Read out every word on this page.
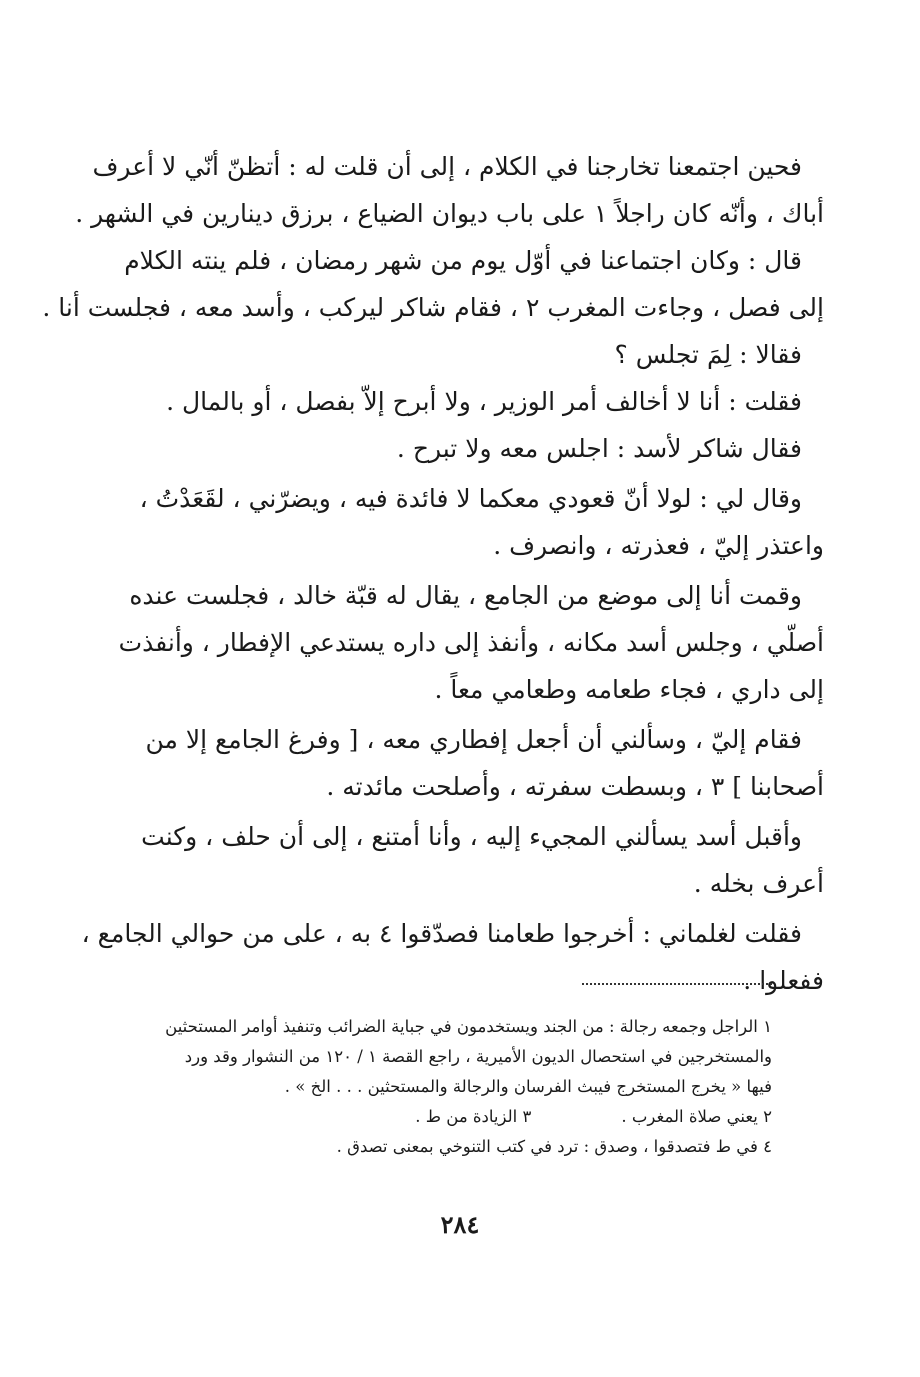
فحين اجتمعنا تخارجنا في الكلام ، إلى أن قلت له : أتظنّ أنّي لا أعرف
أباك ، وأنّه كان راجلاً ١ على باب ديوان الضياع ، برزق دينارين في الشهر .
قال : وكان اجتماعنا في أوّل يوم من شهر رمضان ، فلم ينته الكلام
إلى فصل ، وجاءت المغرب ٢ ، فقام شاكر ليركب ، وأسد معه ، فجلست أنا .
فقالا : لِمَ تجلس ؟
فقلت : أنا لا أخالف أمر الوزير ، ولا أبرح إلاّ بفصل ، أو بالمال .
فقال شاكر لأسد : اجلس معه ولا تبرح .
وقال لي : لولا أنّ قعودي معكما لا فائدة فيه ، ويضرّني ، لقَعَدْتُ ،
واعتذر إليّ ، فعذرته ، وانصرف .
وقمت أنا إلى موضع من الجامع ، يقال له قبّة خالد ، فجلست عنده
أصلّي ، وجلس أسد مكانه ، وأنفذ إلى داره يستدعي الإفطار ، وأنفذت
إلى داري ، فجاء طعامه وطعامي معاً .
فقام إليّ ، وسألني أن أجعل إفطاري معه ، [ وفرغ الجامع إلا من
أصحابنا ] ٣ ، وبسطت سفرته ، وأصلحت مائدته .
وأقبل أسد يسألني المجيء إليه ، وأنا أمتنع ، إلى أن حلف ، وكنت
أعرف بخله .
فقلت لغلماني : أخرجوا طعامنا فصدّقوا ٤ به ، على من حوالي الجامع ،
ففعلوا .
١ الراجل وجمعه رجالة : من الجند ويستخدمون في جباية الضرائب وتنفيذ أوامر المستحثين
والمستخرجين في استحصال الديون الأميرية ، راجع القصة ١ / ١٢٠ من النشوار وقد ورد
فيها « يخرج المستخرج فيبث الفرسان والرجالة والمستحثين . . . الخ » .
٢ يعني صلاة المغرب .
٣ الزيادة من ط .
٤ في ط فتصدقوا ، وصدق : ترد في كتب التنوخي بمعنى تصدق .
٢٨٤
